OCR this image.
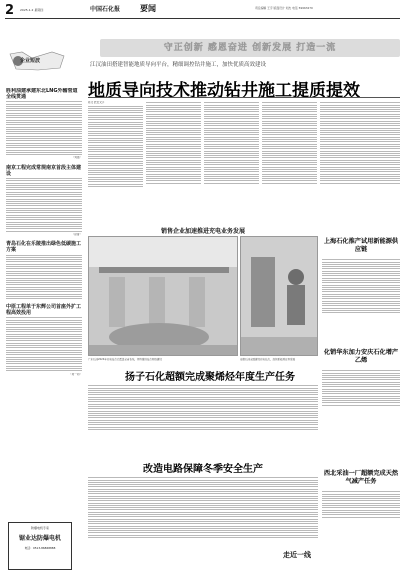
2 2025.1.2 星期四	中国石化报 要闻	责任编辑 王宇 版面设计 刘杰 电话 59963270
守正创新 感恩奋进 创新发展 打造一流
企业短波
江汉油田搭建智能地质导向平台，精细调控钻井施工，加快优质高效建设
地质导向技术推动钻井施工提质提效
陈文 此处文字
胜利油建承建东北LNG外输管道全线贯通
（刘强）
南京工程完成常规南京首段主体建设
（赵蕾）
青岛石化在乐陵推出绿色低碳施工方案
中原工程单于东辉公司首座外扩工程高效投用
（刘一同）
销售企业加速推进充电业务发展
广东石油2024年充电站点已覆盖全省各地，持续推进站点网络建设	安徽石油全面建设充电站点，加快新能源业务发展
扬子石化超额完成聚烯烃年度生产任务
改造电路保障冬季安全生产
上海石化推产试用新能源供应链
化销华东加力安庆石化增产乙烯
西北采油一厂超额完成天然气减产任务
防爆电机专家
锯业达防爆电机
电话：0513-86868888
走近一线
